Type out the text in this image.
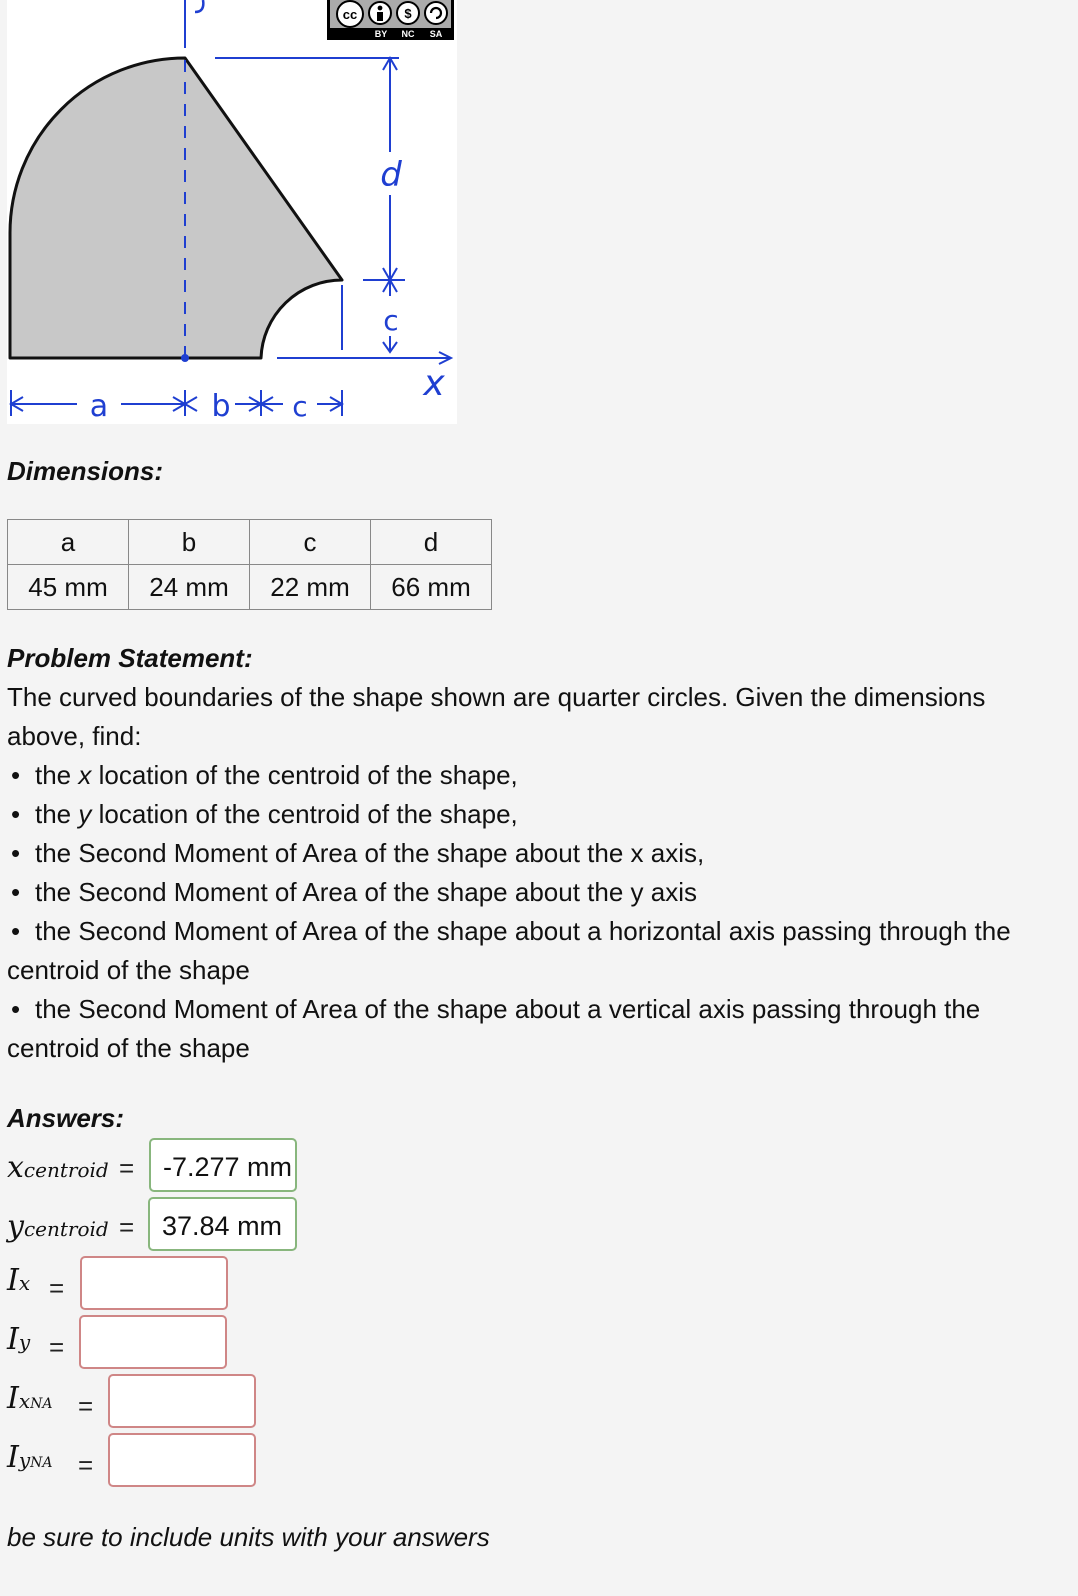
cc	$
BY NC SA
x
d
c
a	b c
Dimensions:
a	b	c	d
45 mm	24 mm	22 mm	66 mm
Problem Statement:

The curved boundaries of the shape shown are quarter circles. Given the dimensions above, find:

• the x location of the centroid of the shape,
• the y location of the centroid of the shape,
• the Second Moment of Area of the shape about the x axis,
• the Second Moment of Area of the shape about the y axis
• the Second Moment of Area of the shape about a horizontal axis passing through the centroid of the shape
• the Second Moment of Area of the shape about a vertical axis passing through the centroid of the shape
Answers:
xcentroid =	-7.277 mm
ycentroid =	37.84 mm
Ix =
Iy =
IxNA =
IyNA =
be sure to include units with your answers
